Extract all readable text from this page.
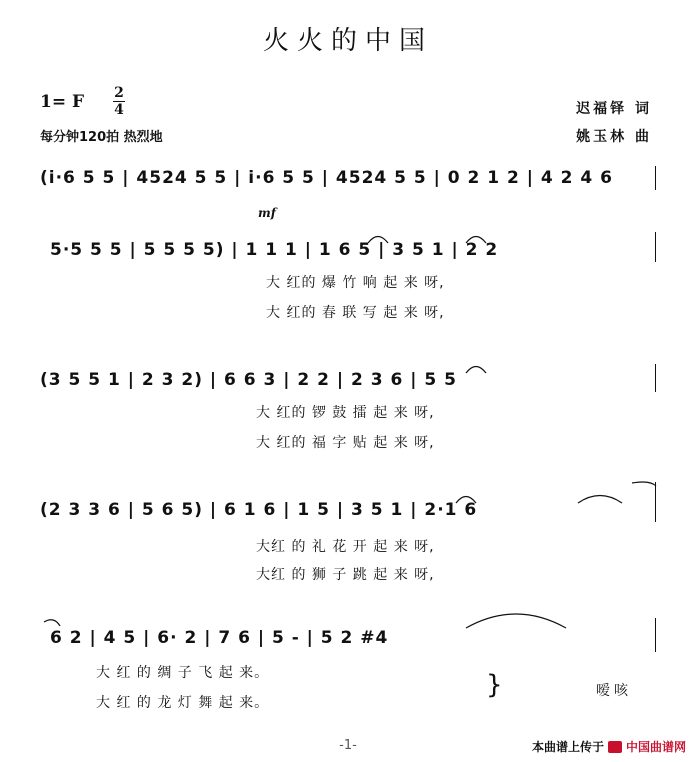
火火的中国
1= F 2
4
每分钟120拍 热烈地
迟福铎 词
姚玉林 曲
(i·6 5 5 | 4524 5 5 | i·6 5 5 | 4524 5 5 | 0 2 1 2 | 4 2 4 6
mf
5·5 5 5 | 5 5 5 5) | 1 1 1 | 1 6 5 | 3 5 1 | 2 2
大 红的 爆 竹 响 起 来 呀,
大 红的 春 联 写 起 来 呀,
(3 5 5 1 | 2 3 2) | 6 6 3 | 2 2 | 2 3 6 | 5 5
大 红的 锣 鼓 擂 起 来 呀,
大 红的 福 字 贴 起 来 呀,
(2 3 3 6 | 5 6 5) | 6 1 6 | 1 5 | 3 5 1 | 2·1 6
大红 的 礼 花 开 起 来 呀,
大红 的 狮 子 跳 起 来 呀,
6 2 | 4 5 | 6· 2 | 7 6 | 5 - | 5 2 #4
大 红 的 绸 子 飞 起 来。
大 红 的 龙 灯 舞 起 来。
}	嗳咳
-1-	本曲谱上传于 中国曲谱网
